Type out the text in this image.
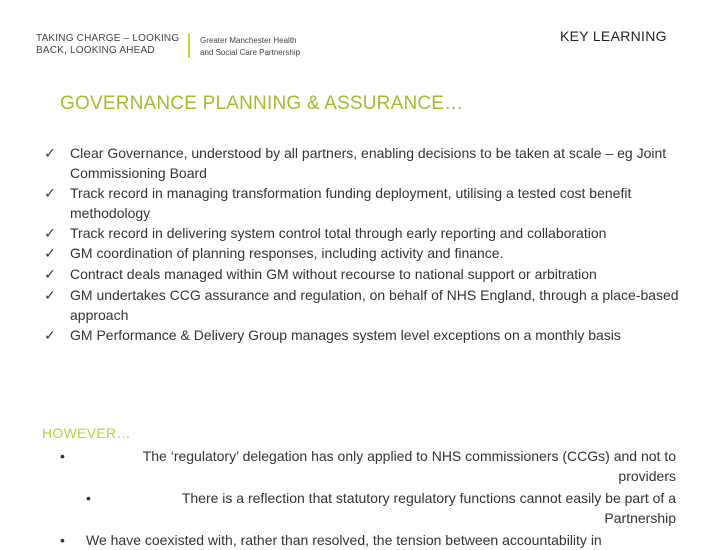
TAKING CHARGE – LOOKING
BACK, LOOKING AHEAD
Greater Manchester Health
and Social Care Partnership
KEY LEARNING
GOVERNANCE PLANNING & ASSURANCE…
✓ Clear Governance, understood by all partners, enabling decisions to be taken at scale – eg Joint Commissioning Board
✓ Track record in managing transformation funding deployment, utilising a tested cost benefit methodology
✓ Track record in delivering system control total through early reporting and collaboration
✓ GM coordination of planning responses, including activity and finance.
✓ Contract deals managed within GM without recourse to national support or arbitration
✓ GM undertakes CCG assurance and regulation, on behalf of NHS England, through a place-based approach
✓ GM Performance & Delivery Group manages system level exceptions on a monthly basis
HOWEVER…
•	The ‘regulatory’ delegation has only applied to NHS commissioners (CCGs) and not to providers
•	There is a reflection that statutory regulatory functions cannot easily be part of a Partnership
• We have coexisted with, rather than resolved, the tension between accountability in
